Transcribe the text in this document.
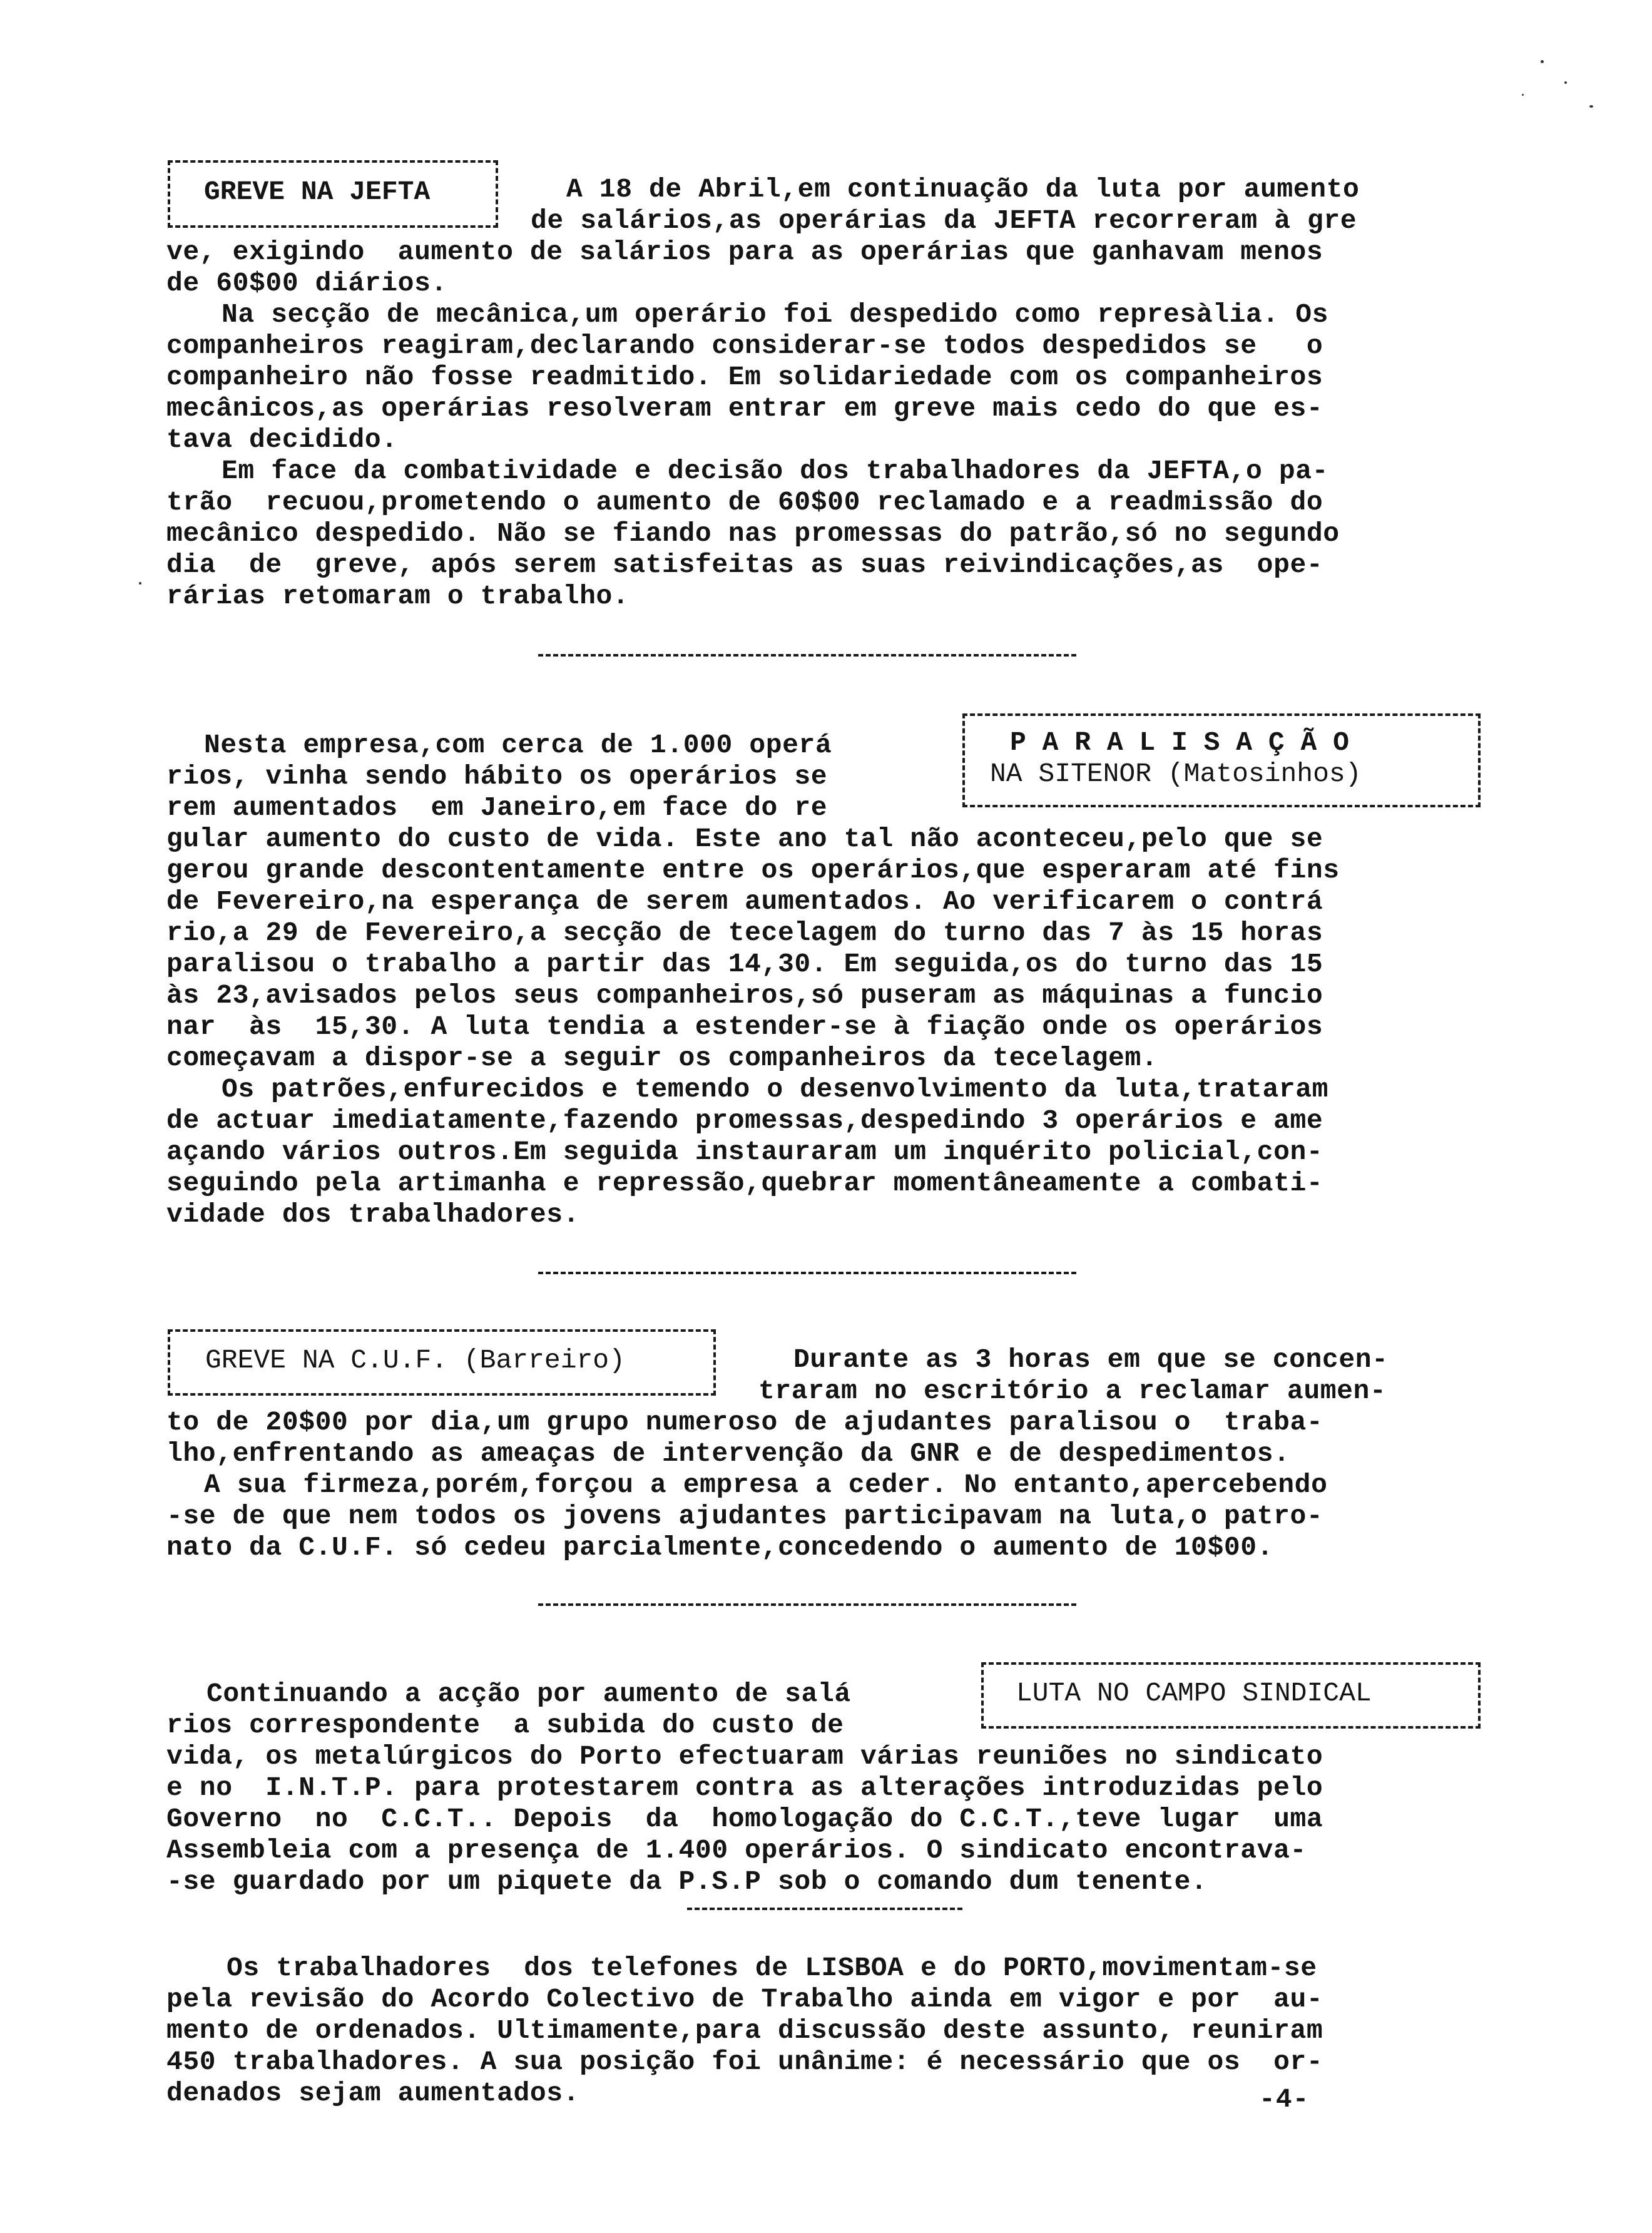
GREVE NA JEFTA

	A 18 de Abril,em continuação da luta por aumento
de salários,as operárias da JEFTA recorreram à gre
ve, exigindo  aumento de salários para as operárias que ganhavam menos
de 60$00 diários.
Na secção de mecânica,um operário foi despedido como represàlia. Os
companheiros reagiram,declarando considerar-se todos despedidos se   o
companheiro não fosse readmitido. Em solidariedade com os companheiros
mecânicos,as operárias resolveram entrar em greve mais cedo do que es-
tava decidido.
Em face da combatividade e decisão dos trabalhadores da JEFTA,o pa-
trão  recuou,prometendo o aumento de 60$00 reclamado e a readmissão do
mecânico despedido. Não se fiando nas promessas do patrão,só no segundo
dia  de  greve, após serem satisfeitas as suas reivindicações,as  ope-
rárias retomaram o trabalho.

P A R A L I S A Ç Ã O

NA SITENOR (Matosinhos)

Nesta empresa,com cerca de 1.000 operá
rios, vinha sendo hábito os operários se
rem aumentados  em Janeiro,em face do re
gular aumento do custo de vida. Este ano tal não aconteceu,pelo que se
gerou grande descontentamente entre os operários,que esperaram até fins
de Fevereiro,na esperança de serem aumentados. Ao verificarem o contrá
rio,a 29 de Fevereiro,a secção de tecelagem do turno das 7 às 15 horas
paralisou o trabalho a partir das 14,30. Em seguida,os do turno das 15
às 23,avisados pelos seus companheiros,só puseram as máquinas a funcio
nar  às  15,30. A luta tendia a estender-se à fiação onde os operários
começavam a dispor-se a seguir os companheiros da tecelagem.
Os patrões,enfurecidos e temendo o desenvolvimento da luta,trataram
de actuar imediatamente,fazendo promessas,despedindo 3 operários e ame
açando vários outros.Em seguida instauraram um inquérito policial,con-
seguindo pela artimanha e repressão,quebrar momentâneamente a combati-
vidade dos trabalhadores.

GREVE NA C.U.F. (Barreiro)

	Durante as 3 horas em que se concen-
traram no escritório a reclamar aumen-
to de 20$00 por dia,um grupo numeroso de ajudantes paralisou o  traba-
lho,enfrentando as ameaças de intervenção da GNR e de despedimentos.
A sua firmeza,porém,forçou a empresa a ceder. No entanto,apercebendo
-se de que nem todos os jovens ajudantes participavam na luta,o patro-
nato da C.U.F. só cedeu parcialmente,concedendo o aumento de 10$00.

LUTA NO CAMPO SINDICAL

Continuando a acção por aumento de salá
rios correspondente  a subida do custo de
vida, os metalúrgicos do Porto efectuaram várias reuniões no sindicato
e no  I.N.T.P. para protestarem contra as alterações introduzidas pelo
Governo  no  C.C.T.. Depois  da  homologação do C.C.T.,teve lugar  uma
Assembleia com a presença de 1.400 operários. O sindicato encontrava-
-se guardado por um piquete da P.S.P sob o comando dum tenente.
Os trabalhadores  dos telefones de LISBOA e do PORTO,movimentam-se
pela revisão do Acordo Colectivo de Trabalho ainda em vigor e por  au-
mento de ordenados. Ultimamente,para discussão deste assunto, reuniram
450 trabalhadores. A sua posição foi unânime: é necessário que os  or-
denados sejam aumentados.	-4-
